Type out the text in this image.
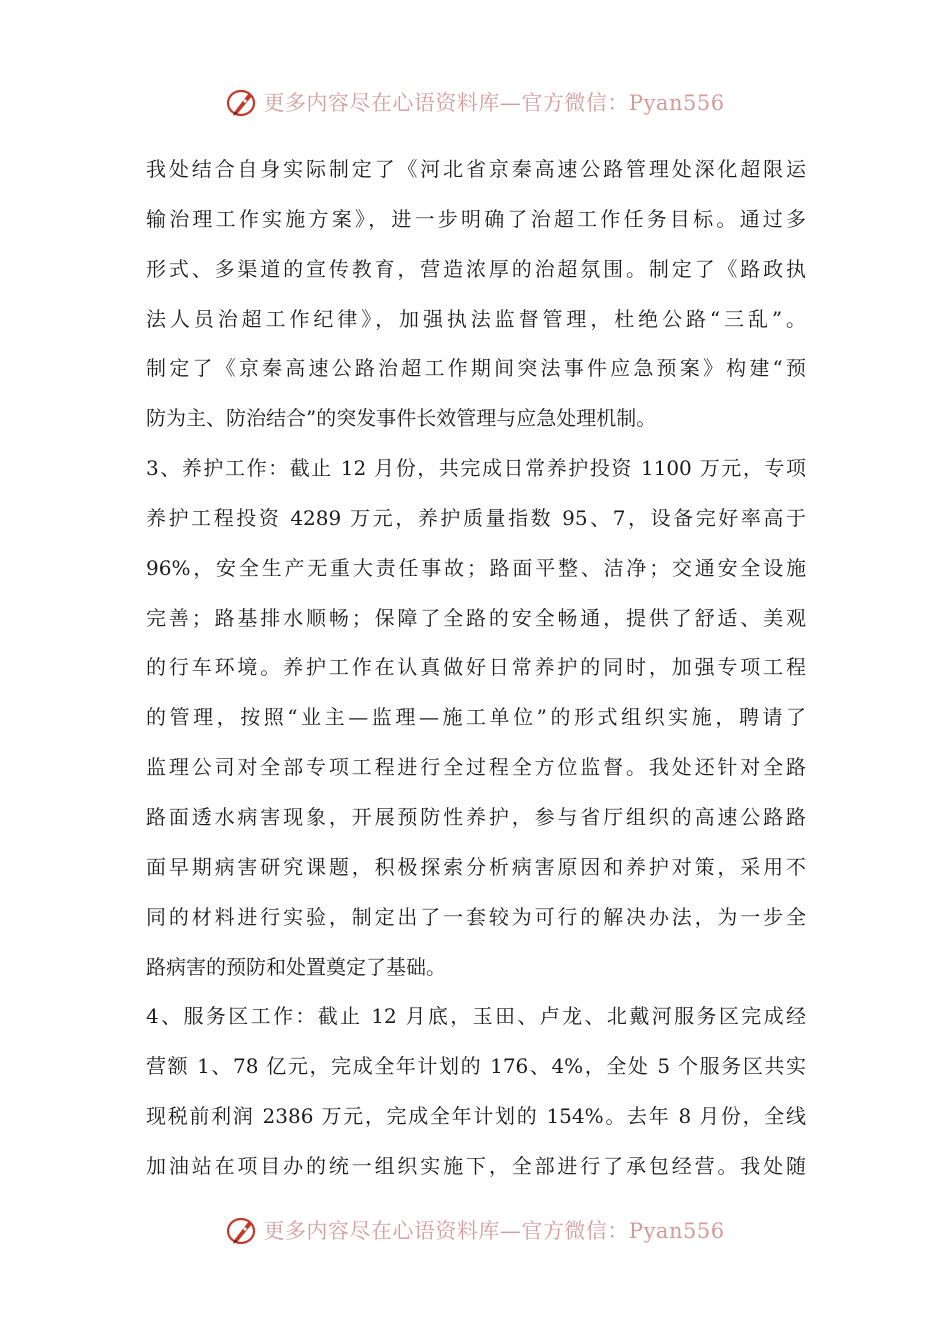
更多内容尽在心语资料库—官方微信：Pyan556
我处结合自身实际制定了《河北省京秦高速公路管理处深化超限运
输治理工作实施方案》，进一步明确了治超工作任务目标。通过多
形式、多渠道的宣传教育，营造浓厚的治超氛围。制定了《路政执
法人员治超工作纪律》，加强执法监督管理，杜绝公路“三乱”。
制定了《京秦高速公路治超工作期间突法事件应急预案》构建“预
防为主、防治结合”的突发事件长效管理与应急处理机制。
3、养护工作：截止 12 月份，共完成日常养护投资 1100 万元，专项
养护工程投资 4289 万元，养护质量指数 95、7，设备完好率高于
96%，安全生产无重大责任事故；路面平整、洁净；交通安全设施
完善；路基排水顺畅；保障了全路的安全畅通，提供了舒适、美观
的行车环境。养护工作在认真做好日常养护的同时，加强专项工程
的管理，按照“业主—监理—施工单位”的形式组织实施，聘请了
监理公司对全部专项工程进行全过程全方位监督。我处还针对全路
路面透水病害现象，开展预防性养护，参与省厅组织的高速公路路
面早期病害研究课题，积极探索分析病害原因和养护对策，采用不
同的材料进行实验，制定出了一套较为可行的解决办法，为一步全
路病害的预防和处置奠定了基础。
4、服务区工作：截止 12 月底，玉田、卢龙、北戴河服务区完成经
营额 1、78 亿元，完成全年计划的 176、4%，全处 5 个服务区共实
现税前利润 2386 万元，完成全年计划的 154%。去年 8 月份，全线
加油站在项目办的统一组织实施下，全部进行了承包经营。我处随
更多内容尽在心语资料库—官方微信：Pyan556
